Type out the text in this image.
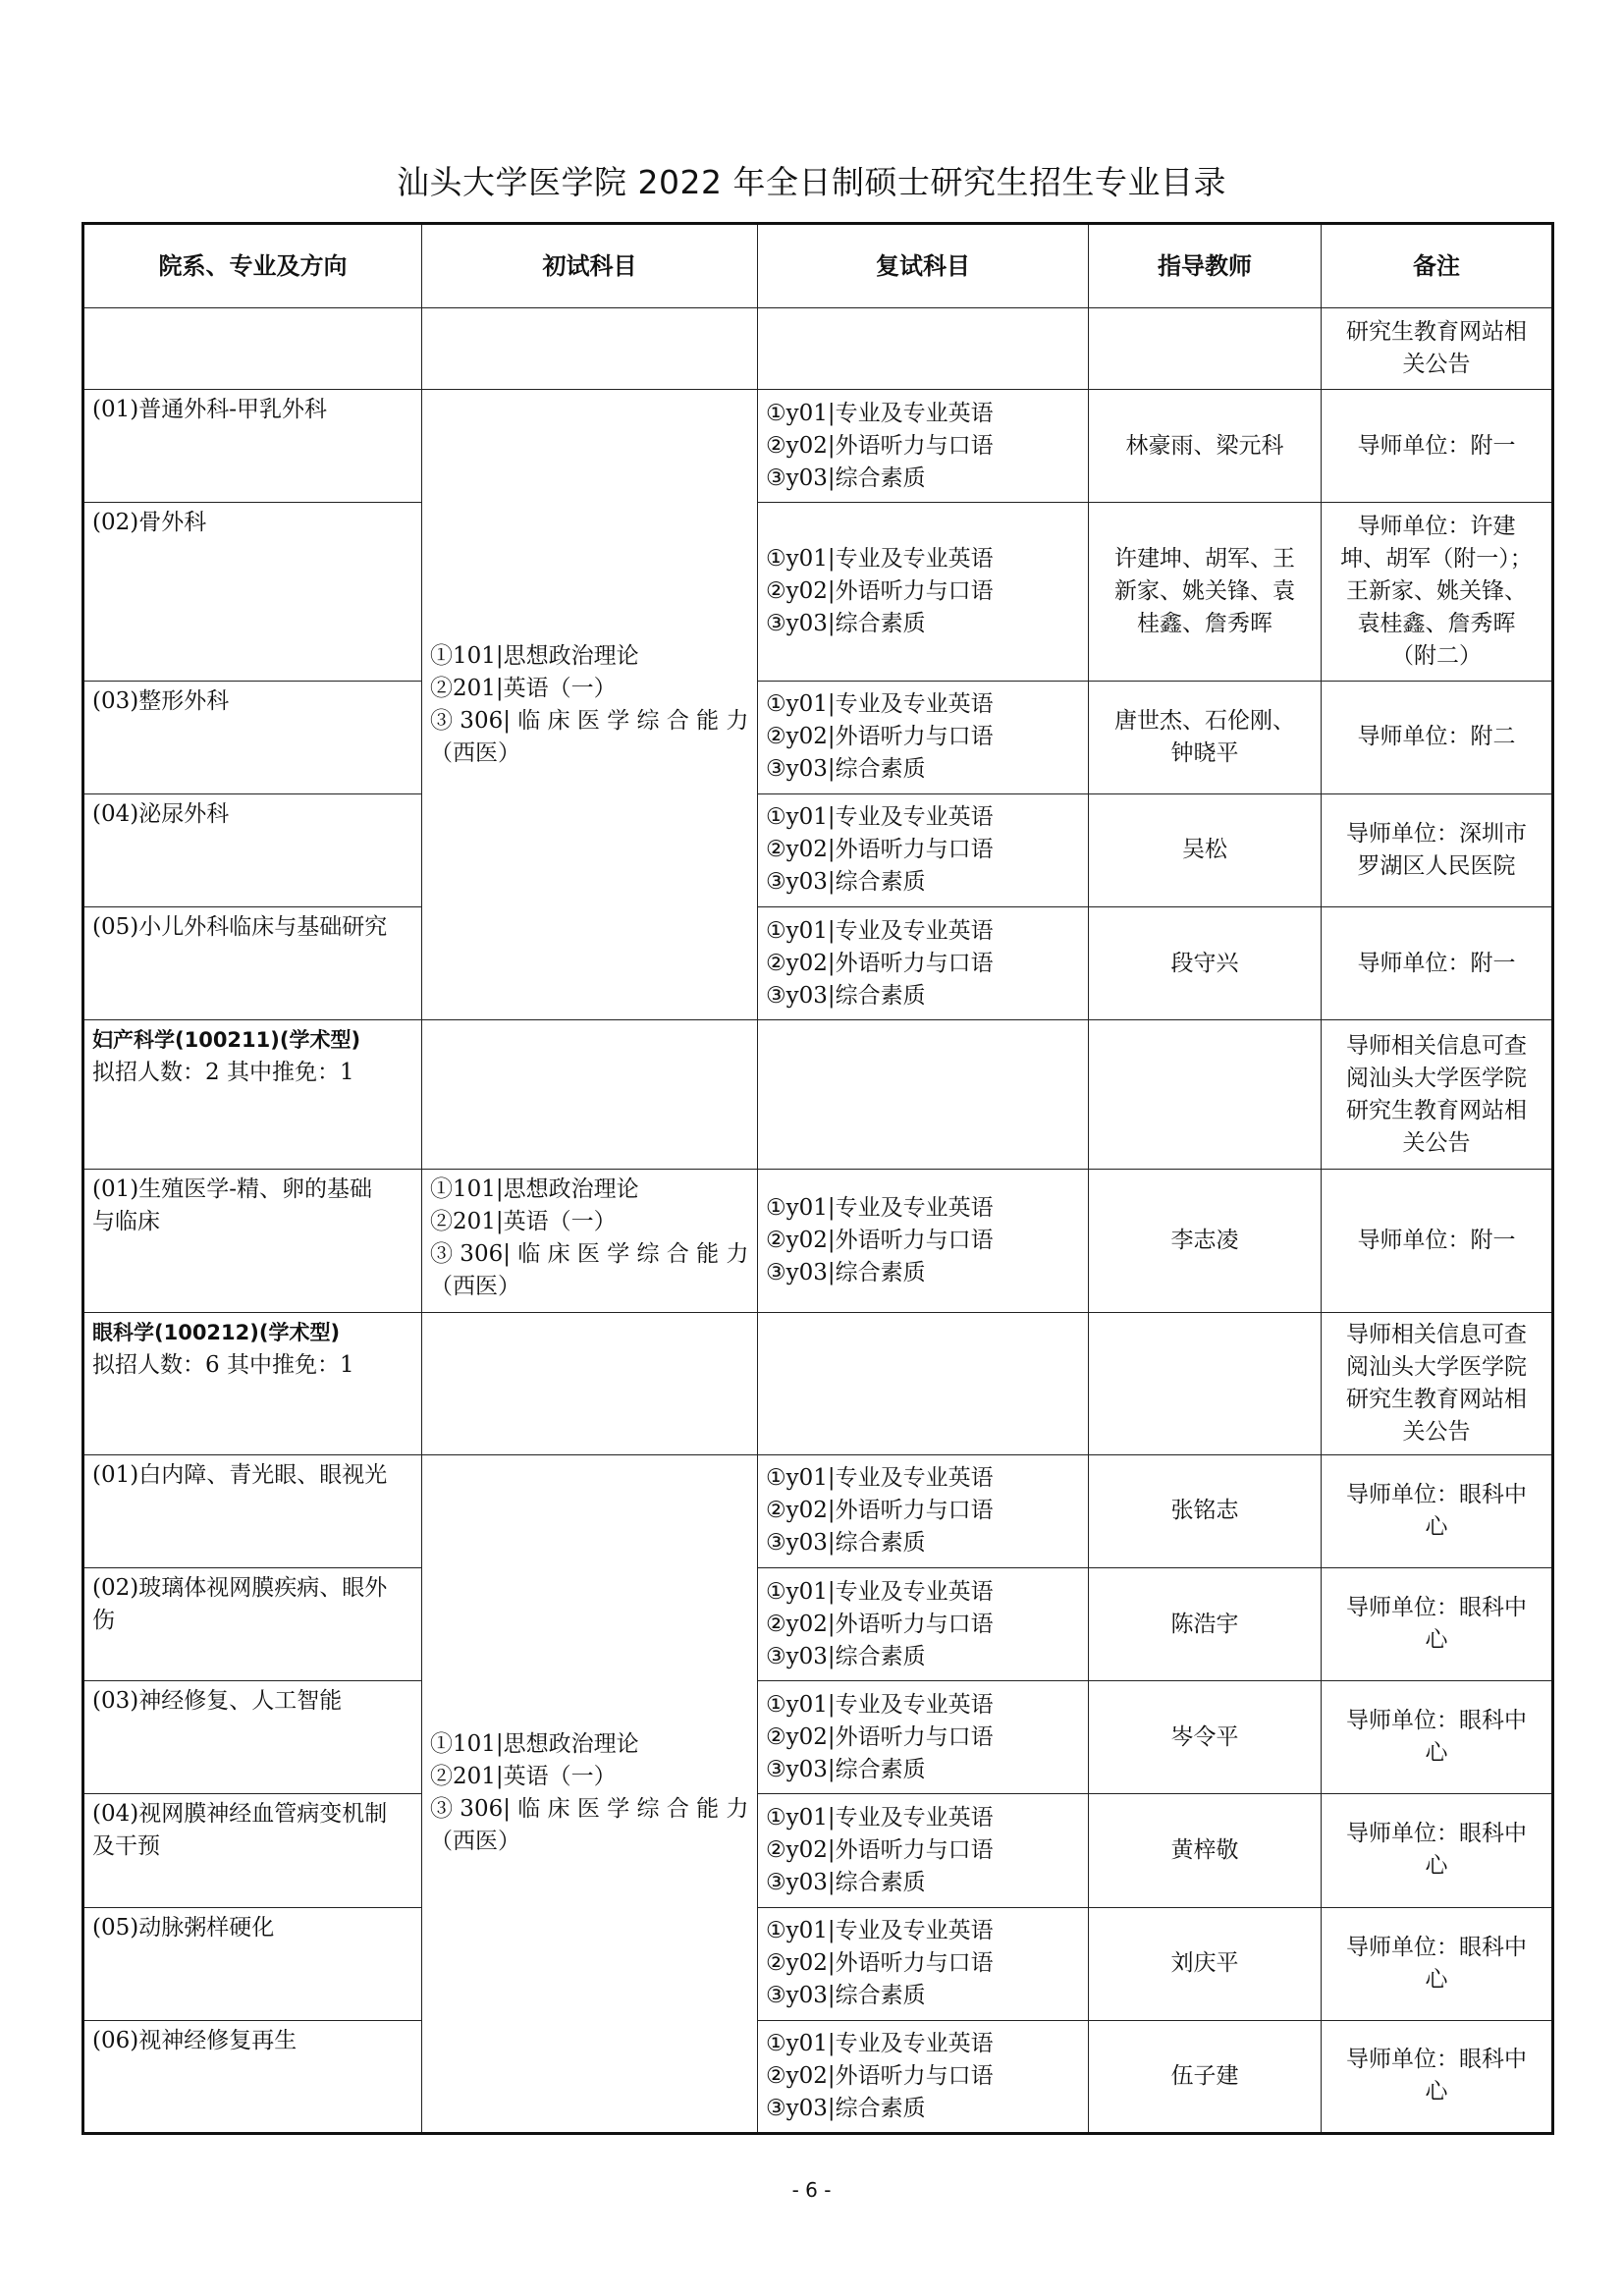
汕头大学医学院 2022 年全日制硕士研究生招生专业目录
院系、专业及方向	初试科目	复试科目	指导教师	备注

				研究生教育网站相
关公告

(01)普通外科-甲乳外科	①101|思想政治理论
②201|英语（一）
③ 306| 临 床 医 学 综 合 能 力
（西医）	①y01|专业及专业英语
②y02|外语听力与口语
③y03|综合素质	林豪雨、梁元科	导师单位：附一

(02)骨外科		①y01|专业及专业英语
②y02|外语听力与口语
③y03|综合素质	许建坤、胡军、王
新家、姚关锋、袁
桂鑫、詹秀晖	导师单位：许建
坤、胡军（附一）；
王新家、姚关锋、
袁桂鑫、詹秀晖
（附二）

(03)整形外科		①y01|专业及专业英语
②y02|外语听力与口语
③y03|综合素质	唐世杰、石伦刚、
钟晓平	导师单位：附二

(04)泌尿外科		①y01|专业及专业英语
②y02|外语听力与口语
③y03|综合素质	吴松	导师单位：深圳市
罗湖区人民医院

(05)小儿外科临床与基础研究		①y01|专业及专业英语
②y02|外语听力与口语
③y03|综合素质	段守兴	导师单位：附一

妇产科学(100211)(学术型)
拟招人数：2 其中推免：1				导师相关信息可查
阅汕头大学医学院
研究生教育网站相
关公告

(01)生殖医学-精、卵的基础
与临床	①101|思想政治理论
②201|英语（一）
③ 306| 临 床 医 学 综 合 能 力
（西医）	①y01|专业及专业英语
②y02|外语听力与口语
③y03|综合素质	李志凌	导师单位：附一

眼科学(100212)(学术型)
拟招人数：6 其中推免：1				导师相关信息可查
阅汕头大学医学院
研究生教育网站相
关公告

(01)白内障、青光眼、眼视光	①101|思想政治理论
②201|英语（一）
③ 306| 临 床 医 学 综 合 能 力
（西医）	①y01|专业及专业英语
②y02|外语听力与口语
③y03|综合素质	张铭志	导师单位：眼科中
心

(02)玻璃体视网膜疾病、眼外
伤		①y01|专业及专业英语
②y02|外语听力与口语
③y03|综合素质	陈浩宇	导师单位：眼科中
心

(03)神经修复、人工智能		①y01|专业及专业英语
②y02|外语听力与口语
③y03|综合素质	岑令平	导师单位：眼科中
心

(04)视网膜神经血管病变机制
及干预		①y01|专业及专业英语
②y02|外语听力与口语
③y03|综合素质	黄梓敬	导师单位：眼科中
心

(05)动脉粥样硬化		①y01|专业及专业英语
②y02|外语听力与口语
③y03|综合素质	刘庆平	导师单位：眼科中
心

(06)视神经修复再生		①y01|专业及专业英语
②y02|外语听力与口语
③y03|综合素质	伍子建	导师单位：眼科中
心
- 6 -
